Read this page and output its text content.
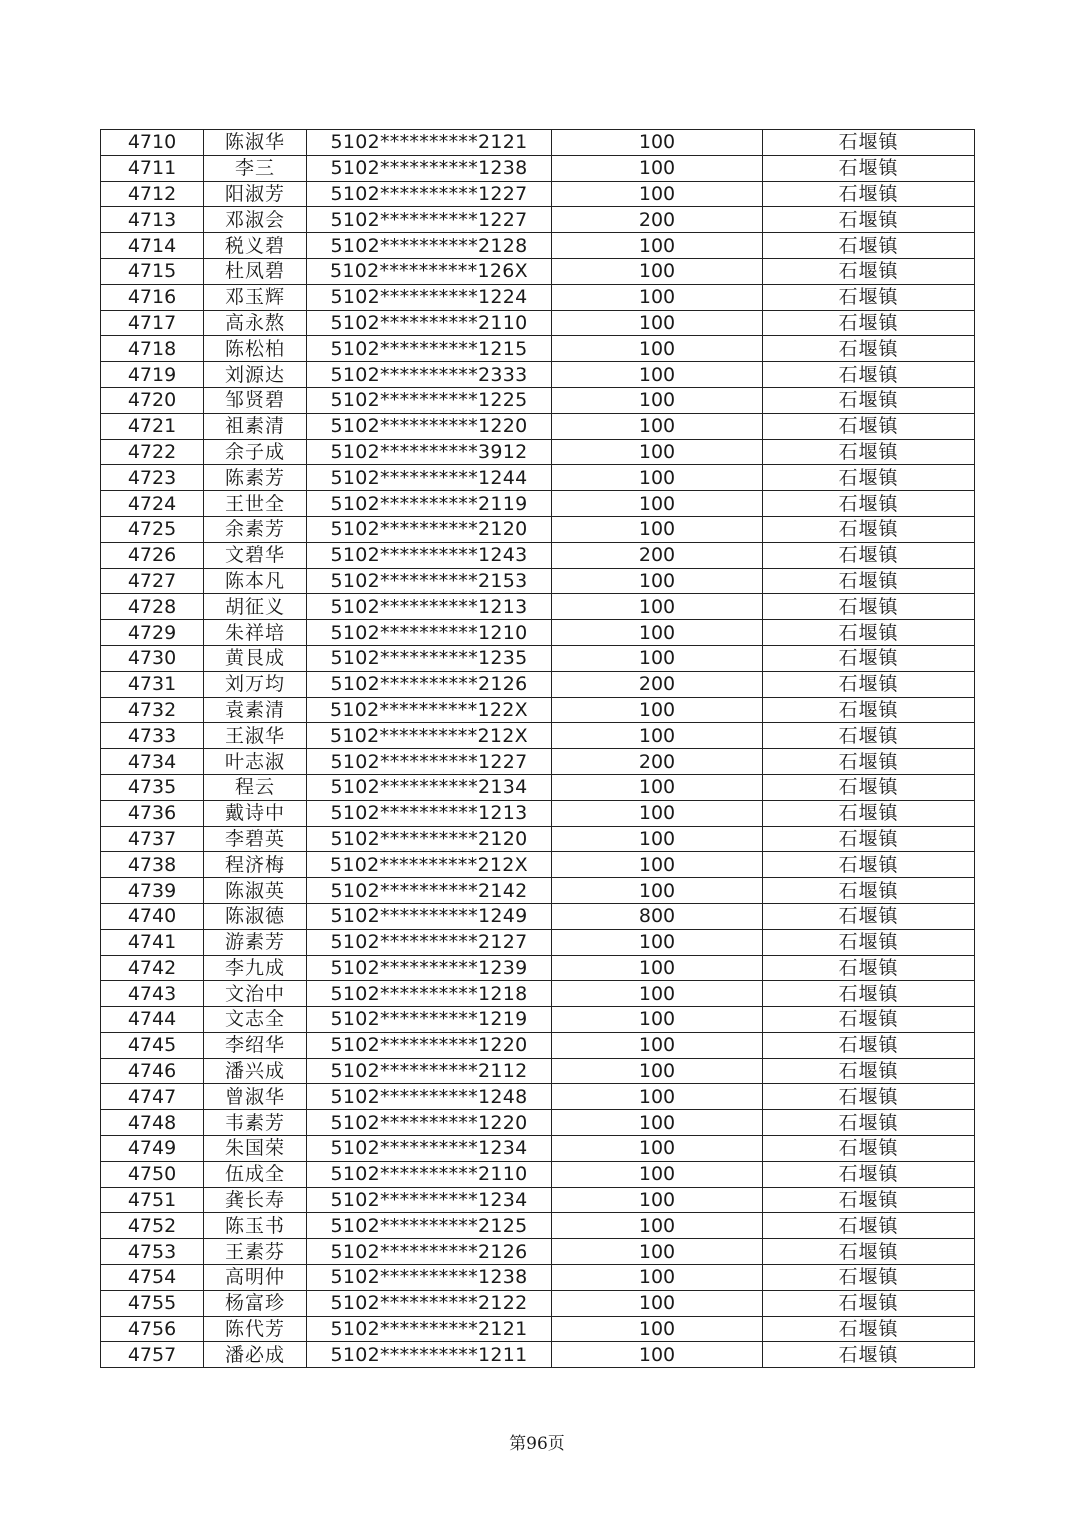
4710	陈淑华	5102**********2121	100	石堰镇
4711	李三	5102**********1238	100	石堰镇
4712	阳淑芳	5102**********1227	100	石堰镇
4713	邓淑会	5102**********1227	200	石堰镇
4714	税义碧	5102**********2128	100	石堰镇
4715	杜凤碧	5102**********126X	100	石堰镇
4716	邓玉辉	5102**********1224	100	石堰镇
4717	高永熬	5102**********2110	100	石堰镇
4718	陈松柏	5102**********1215	100	石堰镇
4719	刘源达	5102**********2333	100	石堰镇
4720	邹贤碧	5102**********1225	100	石堰镇
4721	祖素清	5102**********1220	100	石堰镇
4722	余子成	5102**********3912	100	石堰镇
4723	陈素芳	5102**********1244	100	石堰镇
4724	王世全	5102**********2119	100	石堰镇
4725	余素芳	5102**********2120	100	石堰镇
4726	文碧华	5102**********1243	200	石堰镇
4727	陈本凡	5102**********2153	100	石堰镇
4728	胡征义	5102**********1213	100	石堰镇
4729	朱祥培	5102**********1210	100	石堰镇
4730	黄艮成	5102**********1235	100	石堰镇
4731	刘万均	5102**********2126	200	石堰镇
4732	袁素清	5102**********122X	100	石堰镇
4733	王淑华	5102**********212X	100	石堰镇
4734	叶志淑	5102**********1227	200	石堰镇
4735	程云	5102**********2134	100	石堰镇
4736	戴诗中	5102**********1213	100	石堰镇
4737	李碧英	5102**********2120	100	石堰镇
4738	程济梅	5102**********212X	100	石堰镇
4739	陈淑英	5102**********2142	100	石堰镇
4740	陈淑德	5102**********1249	800	石堰镇
4741	游素芳	5102**********2127	100	石堰镇
4742	李九成	5102**********1239	100	石堰镇
4743	文治中	5102**********1218	100	石堰镇
4744	文志全	5102**********1219	100	石堰镇
4745	李绍华	5102**********1220	100	石堰镇
4746	潘兴成	5102**********2112	100	石堰镇
4747	曾淑华	5102**********1248	100	石堰镇
4748	韦素芳	5102**********1220	100	石堰镇
4749	朱国荣	5102**********1234	100	石堰镇
4750	伍成全	5102**********2110	100	石堰镇
4751	龚长寿	5102**********1234	100	石堰镇
4752	陈玉书	5102**********2125	100	石堰镇
4753	王素芬	5102**********2126	100	石堰镇
4754	高明仲	5102**********1238	100	石堰镇
4755	杨富珍	5102**********2122	100	石堰镇
4756	陈代芳	5102**********2121	100	石堰镇
4757	潘必成	5102**********1211	100	石堰镇
第96页
